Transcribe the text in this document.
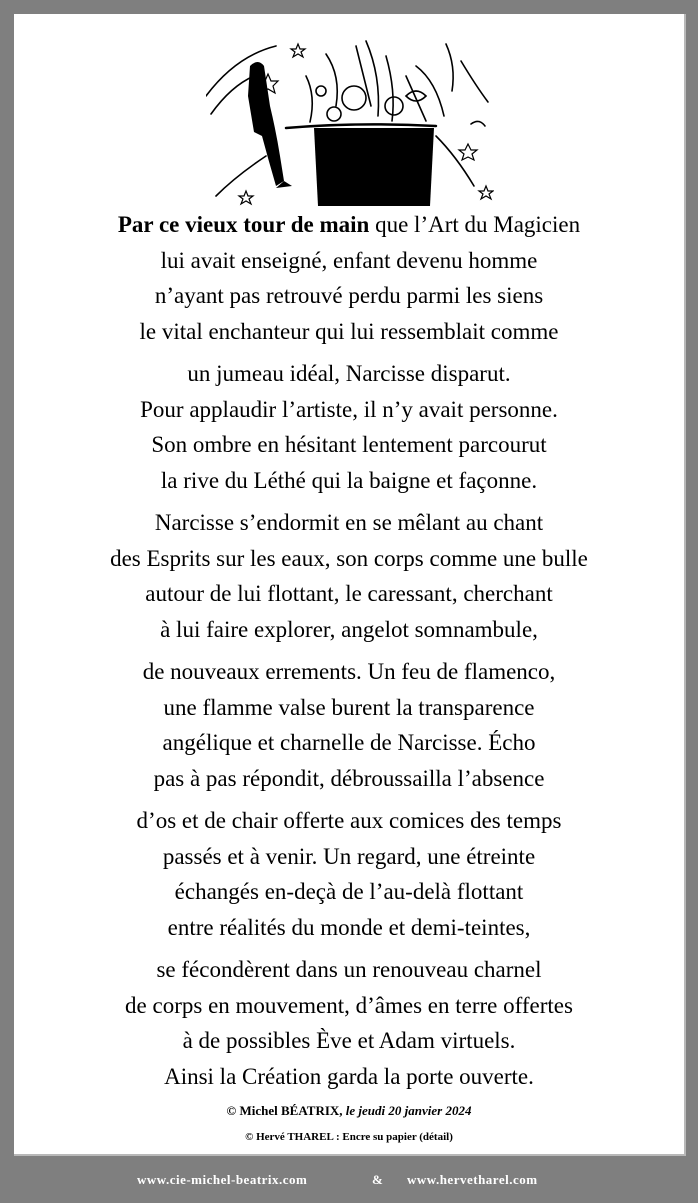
Par ce vieux tour de main que l’Art du Magicien
lui avait enseigné, enfant devenu homme
n’ayant pas retrouvé perdu parmi les siens
le vital enchanteur qui lui ressemblait comme
un jumeau idéal, Narcisse disparut.
Pour applaudir l’artiste, il n’y avait personne.
Son ombre en hésitant lentement parcourut
la rive du Léthé qui la baigne et façonne.
Narcisse s’endormit en se mêlant au chant
des Esprits sur les eaux, son corps comme une bulle
autour de lui flottant, le caressant, cherchant
à lui faire explorer, angelot somnambule,
de nouveaux errements. Un feu de flamenco,
une flamme valse burent la transparence
angélique et charnelle de Narcisse. Écho
pas à pas répondit, débroussailla l’absence
d’os et de chair offerte aux comices des temps
passés et à venir. Un regard, une étreinte
échangés en-deçà de l’au-delà flottant
entre réalités du monde et demi-teintes,
se fécondèrent dans un renouveau charnel
de corps en mouvement, d’âmes en terre offertes
à de possibles Ève et Adam virtuels.
Ainsi la Création garda la porte ouverte.
© Michel BÉATRIX, le jeudi 20 janvier 2024
© Hervé THAREL : Encre su papier (détail)
www.cie-michel-beatrix.com	& www.hervetharel.com
